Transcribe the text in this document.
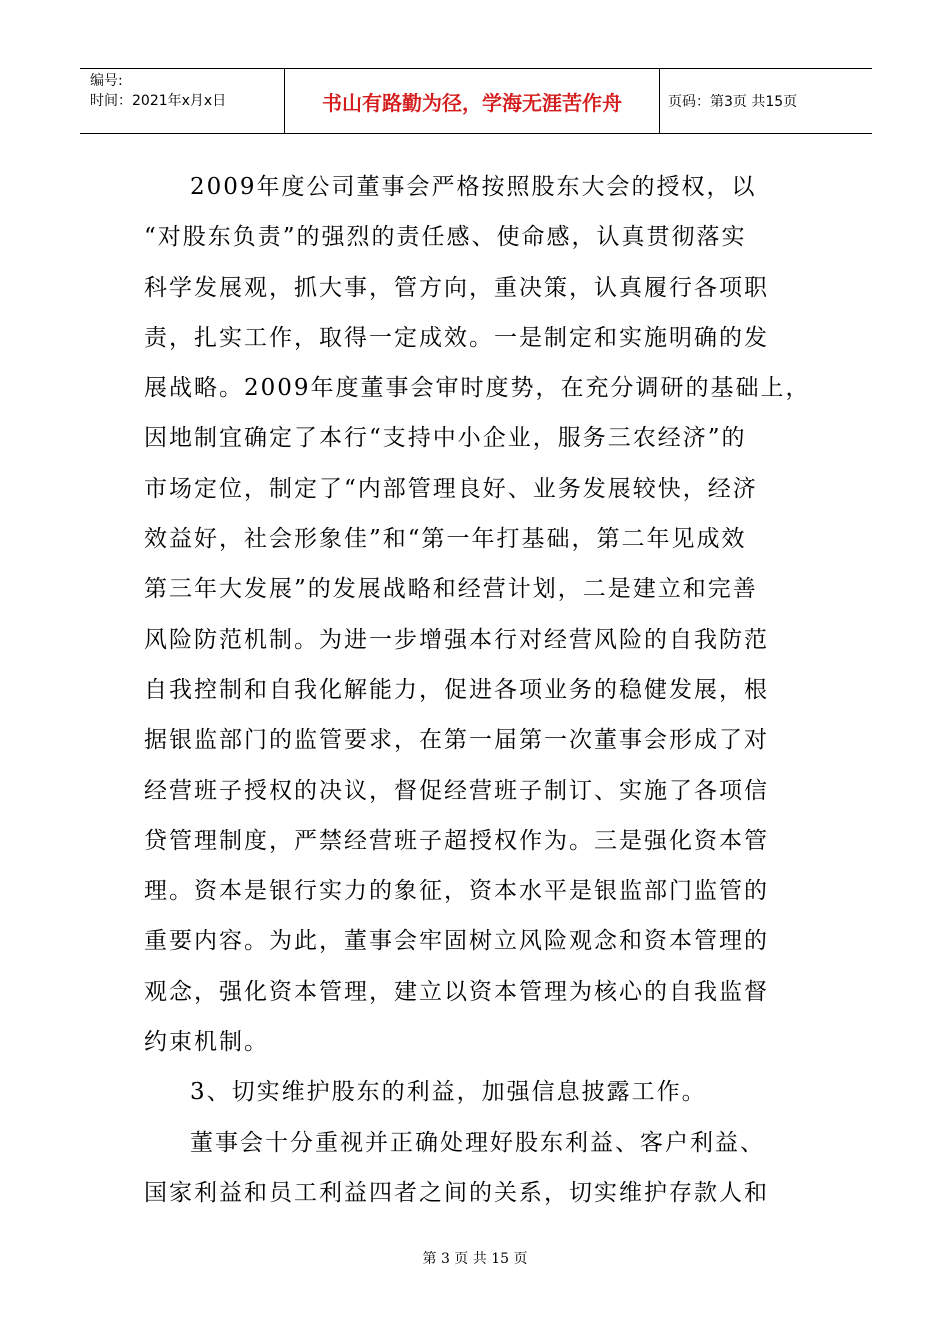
编号:
时间：2021年x月x日	书山有路勤为径，学海无涯苦作舟	页码：第3页 共15页
2009年度公司董事会严格按照股东大会的授权，以
“对股东负责”的强烈的责任感、使命感，认真贯彻落实
科学发展观，抓大事，管方向，重决策，认真履行各项职
责，扎实工作，取得一定成效。一是制定和实施明确的发
展战略。2009年度董事会审时度势，在充分调研的基础上，
因地制宜确定了本行“支持中小企业，服务三农经济”的
市场定位，制定了“内部管理良好、业务发展较快，经济
效益好，社会形象佳”和“第一年打基础，第二年见成效
第三年大发展”的发展战略和经营计划，二是建立和完善
风险防范机制。为进一步增强本行对经营风险的自我防范
自我控制和自我化解能力，促进各项业务的稳健发展，根
据银监部门的监管要求，在第一届第一次董事会形成了对
经营班子授权的决议，督促经营班子制订、实施了各项信
贷管理制度，严禁经营班子超授权作为。三是强化资本管
理。资本是银行实力的象征，资本水平是银监部门监管的
重要内容。为此，董事会牢固树立风险观念和资本管理的
观念，强化资本管理，建立以资本管理为核心的自我监督
约束机制。
3、切实维护股东的利益，加强信息披露工作。
董事会十分重视并正确处理好股东利益、客户利益、
国家利益和员工利益四者之间的关系，切实维护存款人和
第 3 页 共 15 页
